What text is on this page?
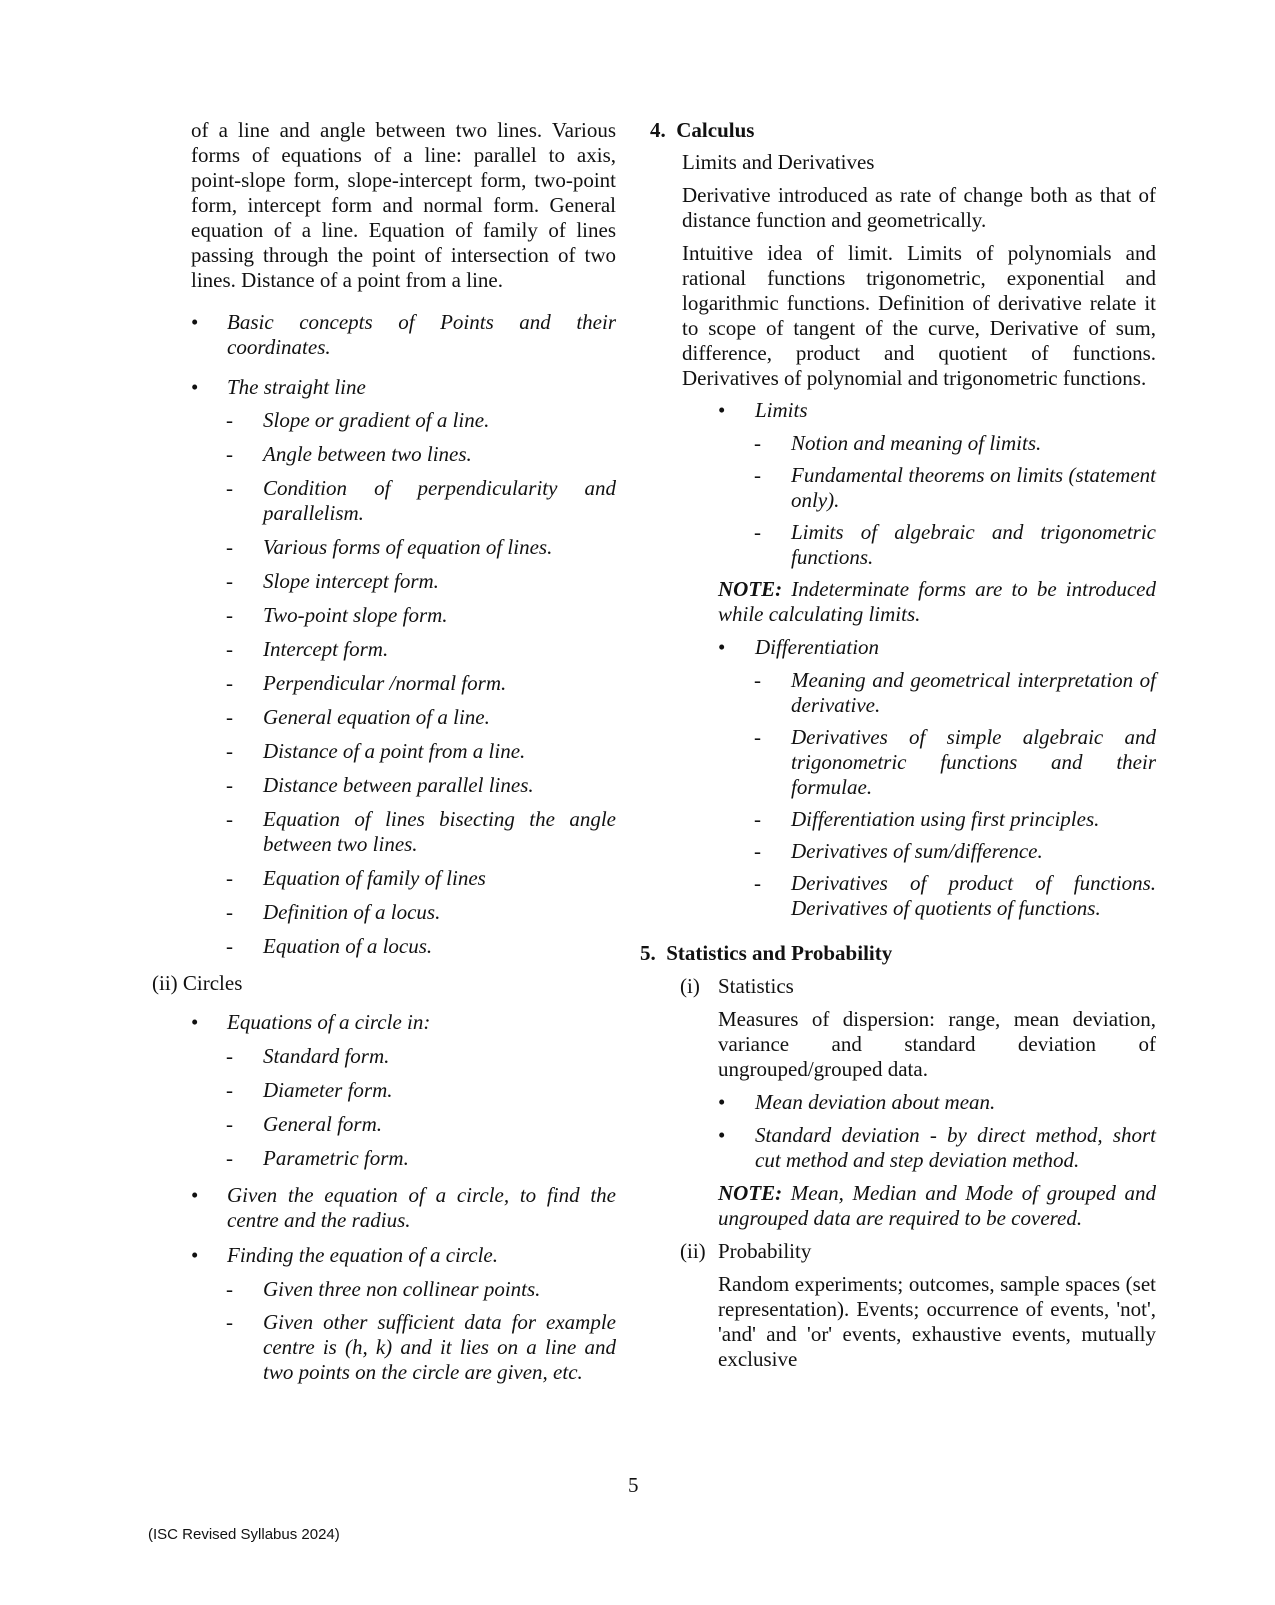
of a line and angle between two lines. Various forms of equations of a line: parallel to axis, point-slope form, slope-intercept form, two-point form, intercept form and normal form. General equation of a line. Equation of family of lines passing through the point of intersection of two lines. Distance of a point from a line.

• Basic concepts of Points and their coordinates.
• The straight line
- Slope or gradient of a line.
- Angle between two lines.
- Condition of perpendicularity and parallelism.
- Various forms of equation of lines.
- Slope intercept form.
- Two-point slope form.
- Intercept form.
- Perpendicular /normal form.
- General equation of a line.
- Distance of a point from a line.
- Distance between parallel lines.
- Equation of lines bisecting the angle between two lines.
- Equation of family of lines
- Definition of a locus.
- Equation of a locus.

(ii) Circles

• Equations of a circle in:
- Standard form.
- Diameter form.
- General form.
- Parametric form.
• Given the equation of a circle, to find the centre and the radius.
• Finding the equation of a circle.
- Given three non collinear points.
- Given other sufficient data for example centre is (h, k) and it lies on a line and two points on the circle are given, etc.

4. Calculus

Limits and Derivatives

Derivative introduced as rate of change both as that of distance function and geometrically.

Intuitive idea of limit. Limits of polynomials and rational functions trigonometric, exponential and logarithmic functions. Definition of derivative relate it to scope of tangent of the curve, Derivative of sum, difference, product and quotient of functions. Derivatives of polynomial and trigonometric functions.

• Limits
- Notion and meaning of limits.
- Fundamental theorems on limits (statement only).
- Limits of algebraic and trigonometric functions.

NOTE: Indeterminate forms are to be introduced while calculating limits.

• Differentiation
- Meaning and geometrical interpretation of derivative.
- Derivatives of simple algebraic and trigonometric functions and their formulae.
- Differentiation using first principles.
- Derivatives of sum/difference.
- Derivatives of product of functions. Derivatives of quotients of functions.

5. Statistics and Probability

(i) Statistics

Measures of dispersion: range, mean deviation, variance and standard deviation of ungrouped/grouped data.

• Mean deviation about mean.
• Standard deviation - by direct method, short cut method and step deviation method.

NOTE: Mean, Median and Mode of grouped and ungrouped data are required to be covered.

(ii) Probability

Random experiments; outcomes, sample spaces (set representation). Events; occurrence of events, 'not', 'and' and 'or' events, exhaustive events, mutually exclusive

5
(ISC Revised Syllabus 2024)
